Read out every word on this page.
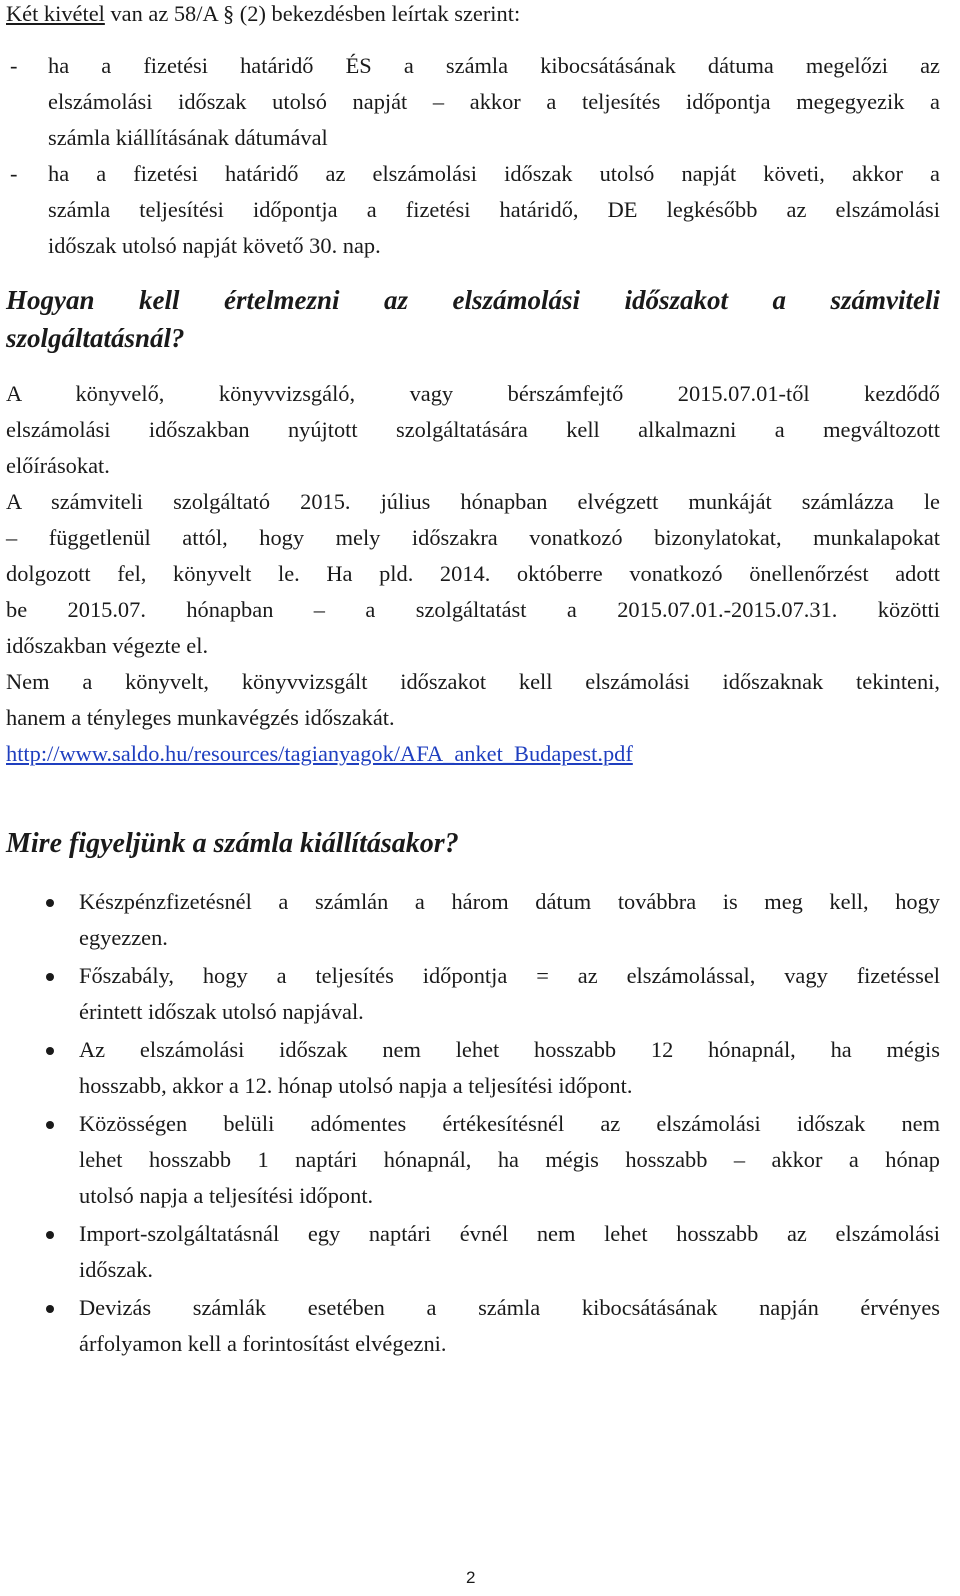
Két kivétel van az 58/A § (2) bekezdésben leírtak szerint:
- ha a fizetési határidő ÉS a számla kibocsátásának dátuma megelőzi az
elszámolási időszak utolsó napját – akkor a teljesítés időpontja megegyezik a
számla kiállításának dátumával
- ha a fizetési határidő az elszámolási időszak utolsó napját követi, akkor a
számla teljesítési időpontja a fizetési határidő, DE legkésőbb az elszámolási
időszak utolsó napját követő 30. nap.
Hogyan kell értelmezni az elszámolási időszakot a számviteli
szolgáltatásnál?
A könyvelő, könyvvizsgáló, vagy bérszámfejtő 2015.07.01-től kezdődő
elszámolási időszakban nyújtott szolgáltatására kell alkalmazni a megváltozott
előírásokat.
A számviteli szolgáltató 2015. július hónapban elvégzett munkáját számlázza le
– függetlenül attól, hogy mely időszakra vonatkozó bizonylatokat, munkalapokat
dolgozott fel, könyvelt le. Ha pld. 2014. októberre vonatkozó önellenőrzést adott
be 2015.07. hónapban – a szolgáltatást a 2015.07.01.-2015.07.31. közötti
időszakban végezte el.
Nem a könyvelt, könyvvizsgált időszakot kell elszámolási időszaknak tekinteni,
hanem a tényleges munkavégzés időszakát.
http://www.saldo.hu/resources/tagianyagok/AFA_anket_Budapest.pdf
Mire figyeljünk a számla kiállításakor?
Készpénzfizetésnél a számlán a három dátum továbbra is meg kell, hogy
egyezzen.
Főszabály, hogy a teljesítés időpontja = az elszámolással, vagy fizetéssel
érintett időszak utolsó napjával.
Az elszámolási időszak nem lehet hosszabb 12 hónapnál, ha mégis
hosszabb, akkor a 12. hónap utolsó napja a teljesítési időpont.
Közösségen belüli adómentes értékesítésnél az elszámolási időszak nem
lehet hosszabb 1 naptári hónapnál, ha mégis hosszabb – akkor a hónap
utolsó napja a teljesítési időpont.
Import-szolgáltatásnál egy naptári évnél nem lehet hosszabb az elszámolási
időszak.
Devizás számlák esetében a számla kibocsátásának napján érvényes
árfolyamon kell a forintosítást elvégezni.
2
